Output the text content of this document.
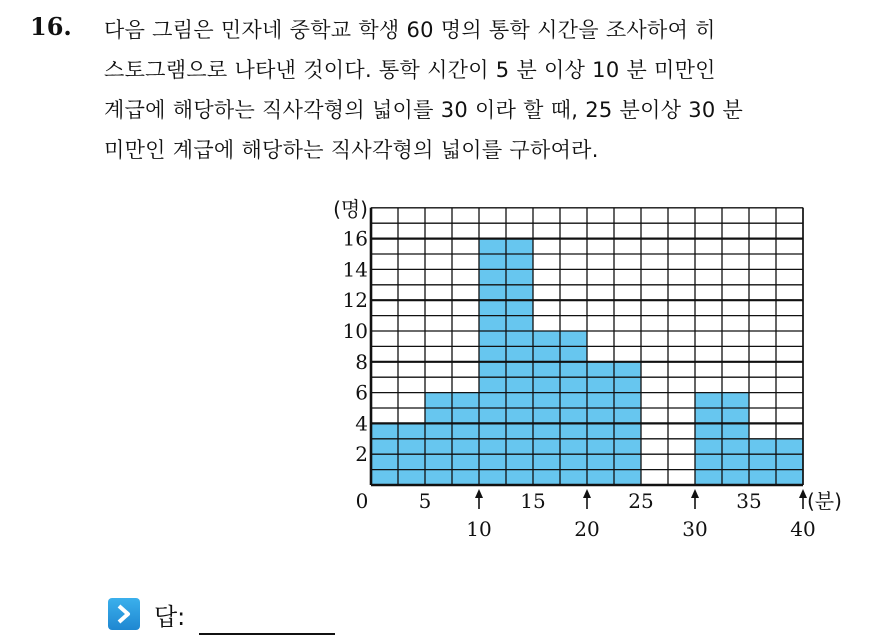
16. 다음 그림은 민자네 중학교 학생 60 명의 통학 시간을 조사하여 히
스토그램으로 나타낸 것이다. 통학 시간이 5 분 이상 10 분 미만인
계급에 해당하는 직사각형의 넓이를 30 이라 할 때, 25 분이상 30 분
미만인 계급에 해당하는 직사각형의 넓이를 구하여라.
2
4
6
8
10
12
14
16
(명)
0	5	15	25	35
10	20	30	40
(분)
답:
